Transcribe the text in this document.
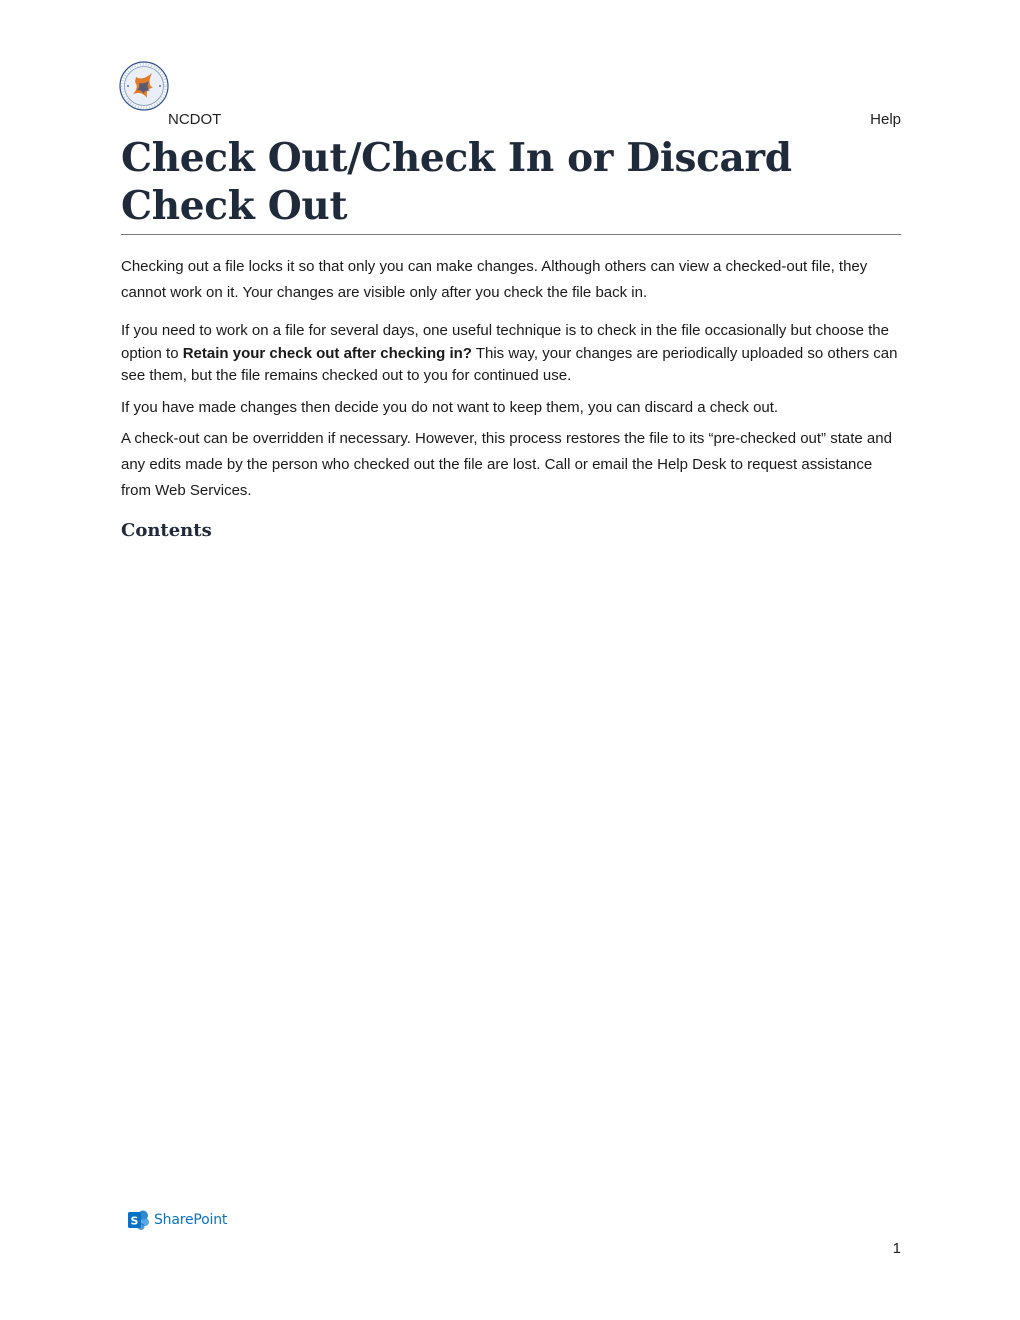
NCDOT	Help
Check Out/Check In or Discard Check Out

Checking out a file locks it so that only you can make changes. Although others can view a checked-out file, they cannot work on it. Your changes are visible only after you check the file back in.

If you need to work on a file for several days, one useful technique is to check in the file occasionally but choose the option to Retain your check out after checking in? This way, your changes are periodically uploaded so others can see them, but the file remains checked out to you for continued use.

If you have made changes then decide you do not want to keep them, you can discard a check out.

A check-out can be overridden if necessary. However, this process restores the file to its “pre-checked out” state and any edits made by the person who checked out the file are lost. Call or email the Help Desk to request assistance from Web Services.

Contents
S SharePoint
1
